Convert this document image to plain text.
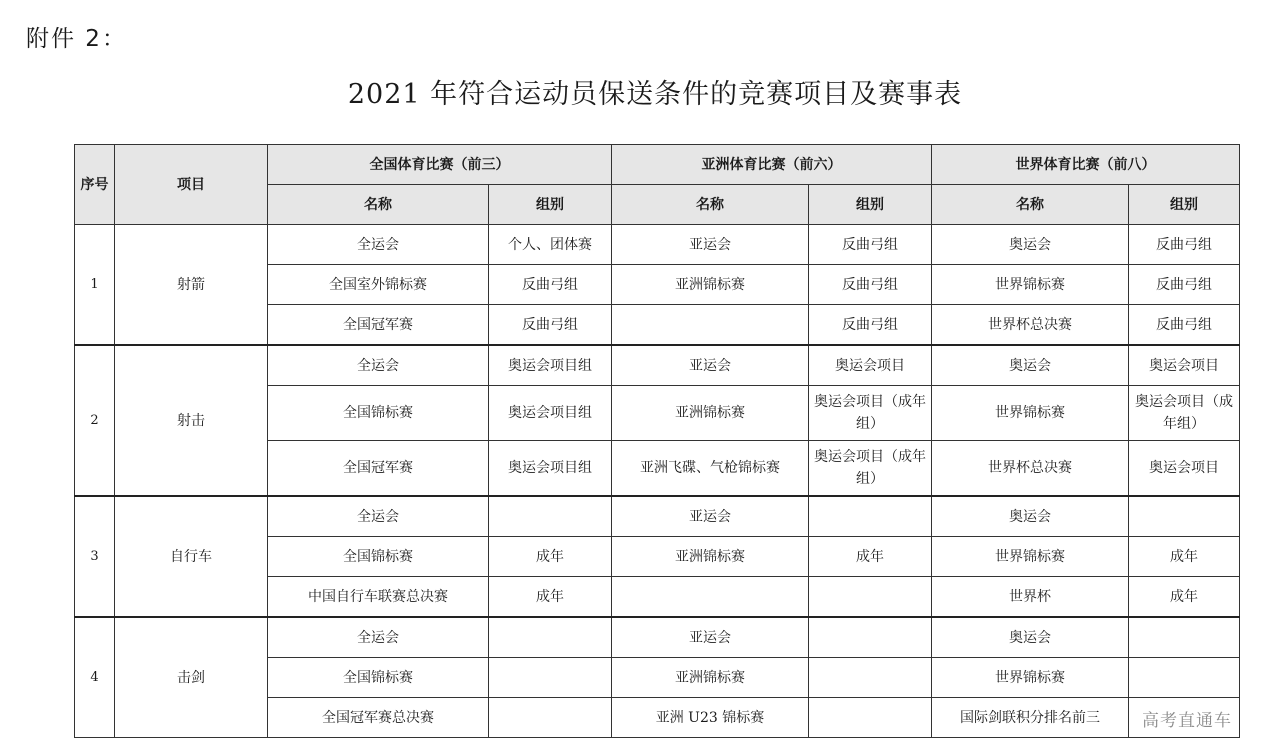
附件 2：
2021 年符合运动员保送条件的竞赛项目及赛事表
序号	项目	全国体育比赛（前三）		亚洲体育比赛（前六）		世界体育比赛（前八）	
		名称	组别	名称	组别	名称	组别
1	射箭	全运会	个人、团体赛	亚运会	反曲弓组	奥运会	反曲弓组
		全国室外锦标赛	反曲弓组	亚洲锦标赛	反曲弓组	世界锦标赛	反曲弓组
		全国冠军赛	反曲弓组		反曲弓组	世界杯总决赛	反曲弓组
2	射击	全运会	奥运会项目组	亚运会	奥运会项目	奥运会	奥运会项目
		全国锦标赛	奥运会项目组	亚洲锦标赛	奥运会项目（成年组）	世界锦标赛	奥运会项目（成年组）
		全国冠军赛	奥运会项目组	亚洲飞碟、气枪锦标赛	奥运会项目（成年组）	世界杯总决赛	奥运会项目
3	自行车	全运会		亚运会		奥运会	
		全国锦标赛	成年	亚洲锦标赛	成年	世界锦标赛	成年
		中国自行车联赛总决赛	成年			世界杯	成年
4	击剑	全运会		亚运会		奥运会	
		全国锦标赛		亚洲锦标赛		世界锦标赛	
		全国冠军赛总决赛		亚洲 U23 锦标赛		国际剑联积分排名前三	高考直通车
